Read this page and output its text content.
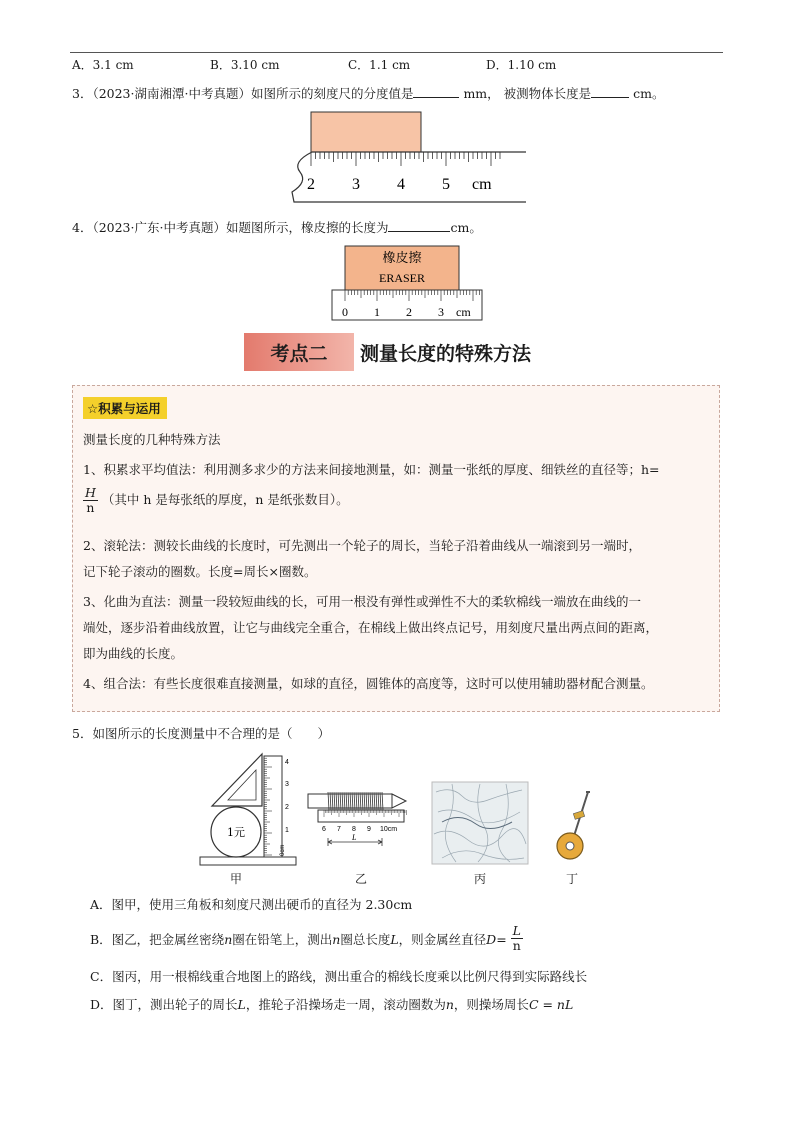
A．3.1 cm	B．3.10 cm	C．1.1 cm	D．1.10 cm
3．（2023·湖南湘潭·中考真题）如图所示的刻度尺的分度值是	mm， 被测物体长度是	cm。
2 3 4 5 cm
4．（2023·广东·中考真题）如题图所示，橡皮擦的长度为	cm。
橡皮擦
ERASER
0 1 2 3 cm
考点二	测量长度的特殊方法
☆积累与运用
测量长度的几种特殊方法
1、积累求平均值法：利用测多求少的方法来间接地测量，如：测量一张纸的厚度、细铁丝的直径等；h=
$\frac{H}{n}$ （其中 h 是每张纸的厚度，n 是纸张数目）。
2、滚轮法：测较长曲线的长度时，可先测出一个轮子的周长，当轮子沿着曲线从一端滚到另一端时，
记下轮子滚动的圈数。长度=周长×圈数。
3、化曲为直法：测量一段较短曲线的长，可用一根没有弹性或弹性不大的柔软棉线一端放在曲线的一
端处，逐步沿着曲线放置，让它与曲线完全重合，在棉线上做出终点记号，用刻度尺量出两点间的距离，
即为曲线的长度。
4、组合法：有些长度很难直接测量，如球的直径，圆锥体的高度等，这时可以使用辅助器材配合测量。
5．如图所示的长度测量中不合理的是（　　）
1元
0cm
1
2
3
4
甲
6 7 8 9 10cm
L
乙	丙	丁
A．图甲，使用三角板和刻度尺测出硬币的直径为 2.30cm
B．图乙，把金属丝密绕n圈在铅笔上，测出n圈总长度L，则金属丝直径$D= \frac{L}{n}$
C．图丙，用一根棉线重合地图上的路线，测出重合的棉线长度乘以比例尺得到实际路线长
D．图丁，测出轮子的周长L，推轮子沿操场走一周，滚动圈数为n，则操场周长C = nL
